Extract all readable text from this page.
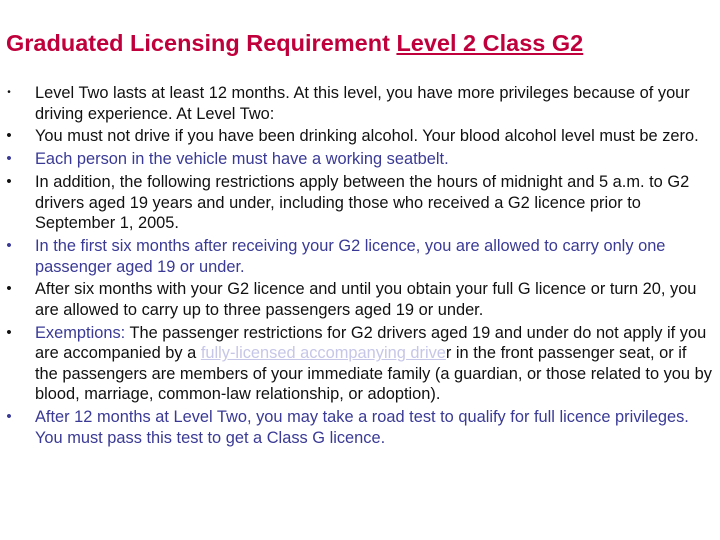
Graduated Licensing Requirement Level 2 Class G2
• Level Two lasts at least 12 months. At this level, you have more privileges because of your driving experience. At Level Two:
• You must not drive if you have been drinking alcohol. Your blood alcohol level must be zero.
• Each person in the vehicle must have a working seatbelt.
• In addition, the following restrictions apply between the hours of midnight and 5 a.m. to G2 drivers aged 19 years and under, including those who received a G2 licence prior to September 1, 2005.
• In the first six months after receiving your G2 licence, you are allowed to carry only one passenger aged 19 or under.
• After six months with your G2 licence and until you obtain your full G licence or turn 20, you are allowed to carry up to three passengers aged 19 or under.
• Exemptions: The passenger restrictions for G2 drivers aged 19 and under do not apply if you are accompanied by a fully-licensed accompanying driver in the front passenger seat, or if the passengers are members of your immediate family (a guardian, or those related to you by blood, marriage, common-law relationship, or adoption).
• After 12 months at Level Two, you may take a road test to qualify for full licence privileges. You must pass this test to get a Class G licence.
